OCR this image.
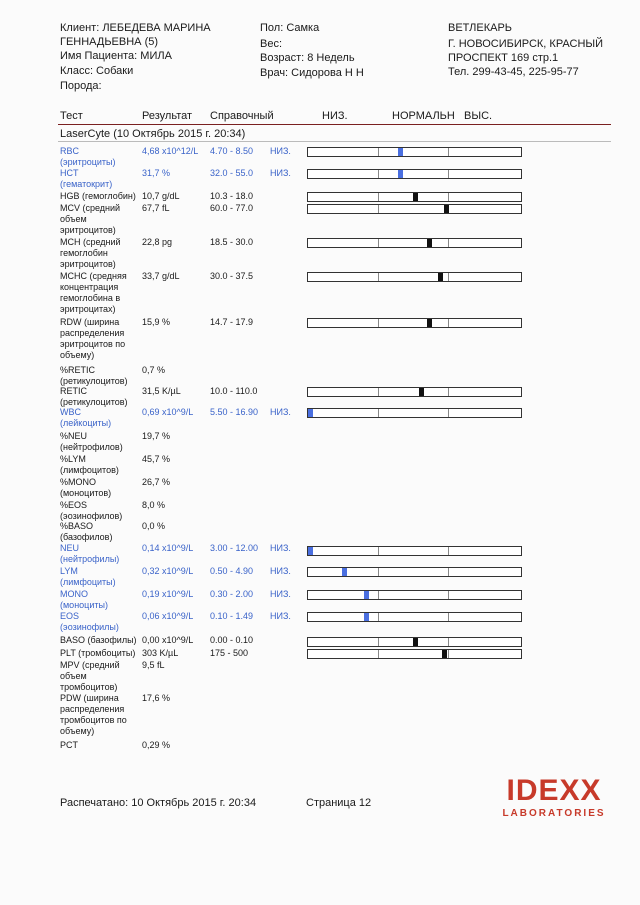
Клиент: ЛЕБЕДЕВА МАРИНА
ГЕННАДЬЕВНА (5)
Имя Пациента: МИЛА
Класс: Собаки
Порода:
Пол: Самка
Вес:
Возраст: 8 Недель
Врач: Сидорова Н Н
ВЕТЛЕКАРЬ
Г. НОВОСИБИРСК, КРАСНЫЙ
ПРОСПЕКТ 169 стр.1
Тел. 299-43-45, 225-95-77
Тест	Результат Справочный	НИЗ.	НОРМАЛЬН ВЫС.
LaserCyte (10 Октябрь 2015 г. 20:34)
RBC
(эритроциты)
4,68 x10^12/L 4.70 - 8.50 НИЗ.
HCT
(гематокрит)
31,7 %	32.0 - 55.0 НИЗ.
HGB (гемоглобин) 10,7 g/dL	10.3 - 18.0
MCV (средний
объем
эритроцитов)
67,7 fL	60.0 - 77.0
MCH (средний
гемоглобин
эритроцитов)
22,8 pg	18.5 - 30.0
MCHC (средняя
концентрация
гемоглобина в
эритроцитах)
33,7 g/dL	30.0 - 37.5
RDW (ширина
распределения
эритроцитов по
объему)
15,9 %	14.7 - 17.9
%RETIC
(ретикулоцитов)
0,7 %
RETIC
(ретикулоцитов)
31,5 K/µL	10.0 - 110.0
WBC
(лейкоциты)
0,69 x10^9/L 5.50 - 16.90 НИЗ.
%NEU
(нейтрофилов)
19,7 %
%LYM
(лимфоцитов)
45,7 %
%MONO
(моноцитов)
26,7 %
%EOS
(эозинофилов)
8,0 %
%BASO
(базофилов)
0,0 %
NEU
(нейтрофилы)
0,14 x10^9/L 3.00 - 12.00 НИЗ.
LYM
(лимфоциты)
0,32 x10^9/L 0.50 - 4.90 НИЗ.
MONO
(моноциты)
0,19 x10^9/L 0.30 - 2.00 НИЗ.
EOS
(эозинофилы)
0,06 x10^9/L 0.10 - 1.49 НИЗ.
BASO (базофилы) 0,00 x10^9/L 0.00 - 0.10
PLT (тромбоциты) 303 K/µL	175 - 500
MPV (средний
объем
тромбоцитов)
9,5 fL
PDW (ширина
распределения
тромбоцитов по
объему)
17,6 %
PCT	0,29 %
Распечатано: 10 Октябрь 2015 г. 20:34	Страница 12	IDEXX
LABORATORIES
